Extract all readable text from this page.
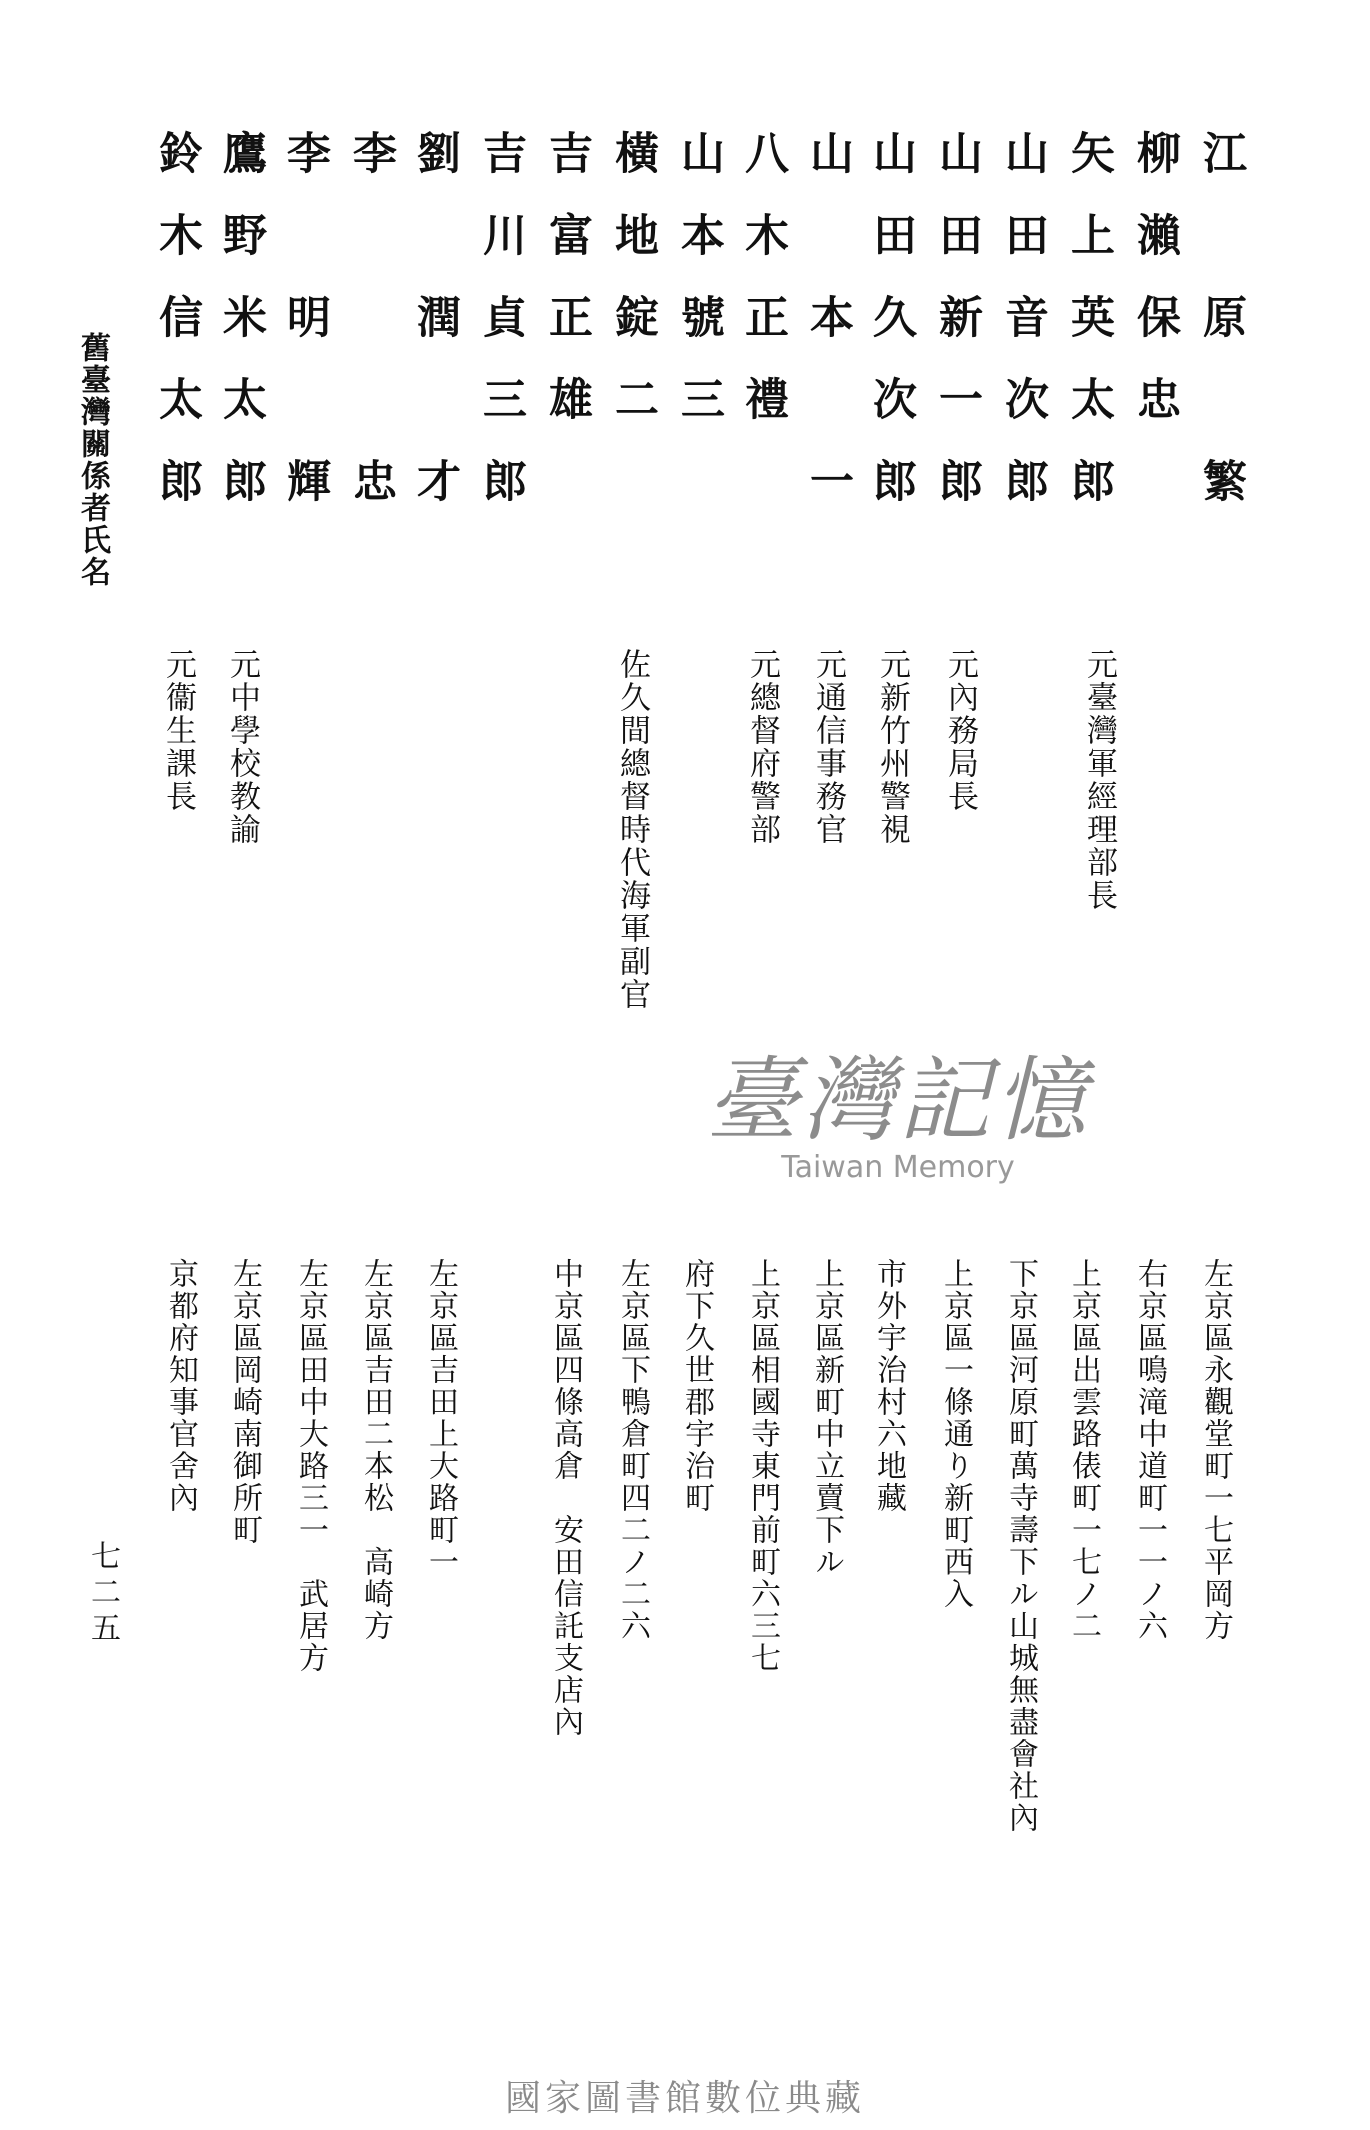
江　原　繁
左京區永觀堂町一七平岡方
柳瀨保忠
元臺灣軍經理部長
右京區鳴滝中道町一一ノ六
矢上英太郎
上京區出雲路俵町一七ノ二
山田音次郎
下京區河原町萬寺壽下ル山城無盡會社內
山田新一郎
元內務局長
上京區一條通り新町西入
山田久次郎
元新竹州警視
市外宇治村六地藏
山　本　一
元通信事務官
上京區新町中立賣下ル
八木正禮
元總督府警部
上京區相國寺東門前町六三七
山本號三
府下久世郡宇治町
橫地錠二
佐久間總督時代海軍副官
左京區下鴨倉町四二ノ二六
吉富正雄
中京區四條高倉　安田信託支店內
吉川貞三郎
劉　潤　才
左京區吉田上大路町一
李　　　忠
左京區吉田二本松　高崎方
李　明　輝
左京區田中大路三一　武居方
鷹野米太郎
元中學校教諭
左京區岡崎南御所町
鈴木信太郎
元衞生課長
京都府知事官舍內
舊臺灣關係者氏名
七二五
臺灣記憶
Taiwan Memory
國家圖書館數位典藏
